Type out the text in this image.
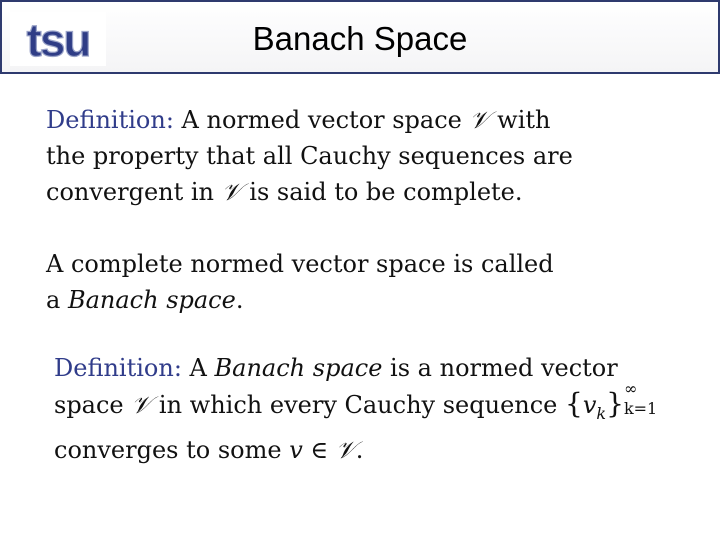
tsu	Banach Space
Definition: A normed vector space 𝒱 with
the property that all Cauchy sequences are
convergent in 𝒱 is said to be complete.
A complete normed vector space is called
a Banach space.
Definition: A Banach space is a normed vector
space 𝒱 in which every Cauchy sequence $\{v_k\}$ ∞
k=1
converges to some v ∈ 𝒱.
